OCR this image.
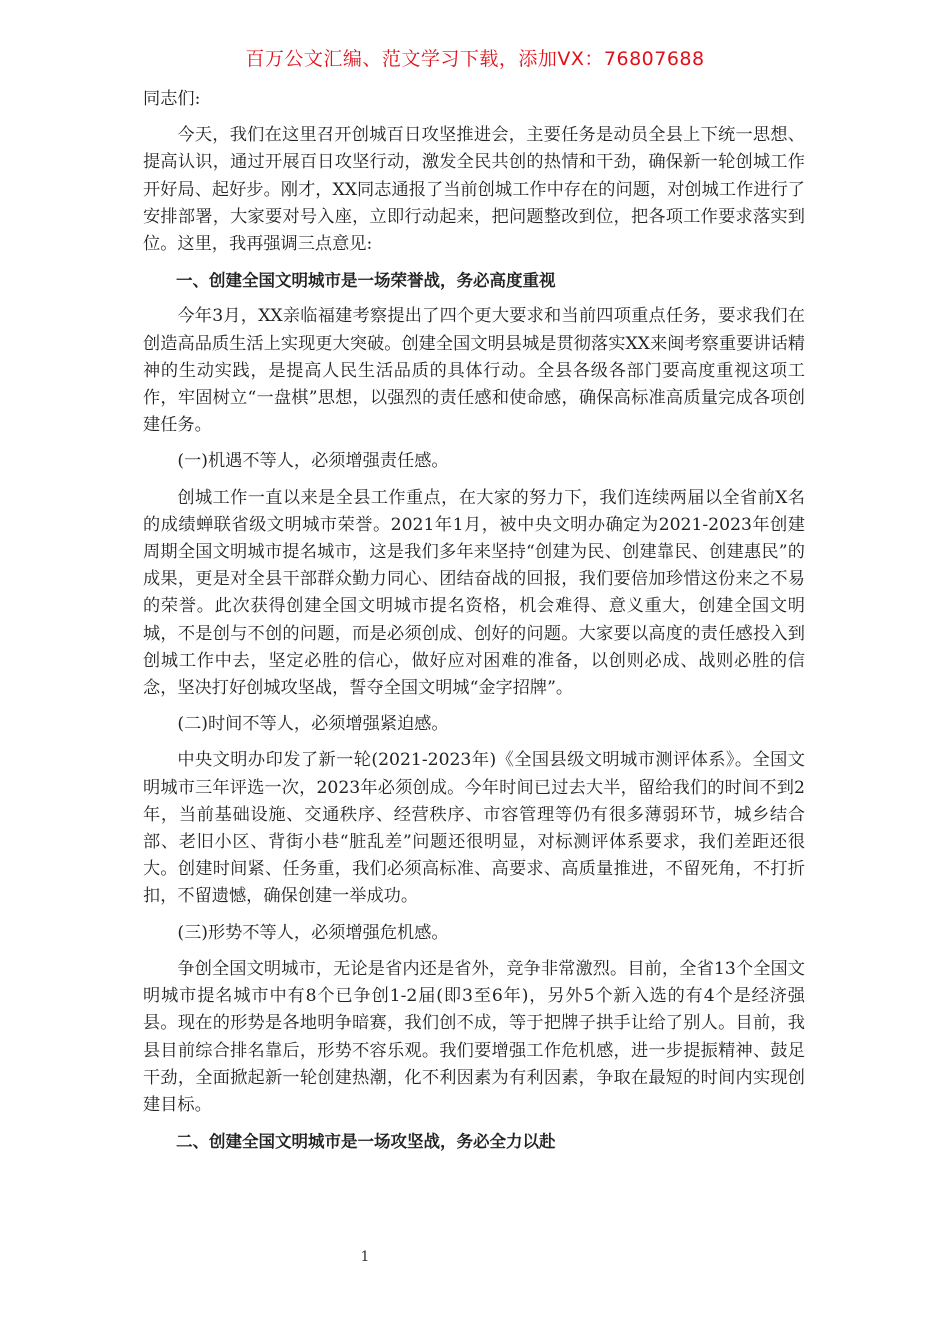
百万公文汇编、范文学习下载，添加VX：76807688

同志们:

今天，我们在这里召开创城百日攻坚推进会，主要任务是动员全县上下统一思想、提高认识，通过开展百日攻坚行动，激发全民共创的热情和干劲，确保新一轮创城工作开好局、起好步。刚才，XX同志通报了当前创城工作中存在的问题，对创城工作进行了安排部署，大家要对号入座，立即行动起来，把问题整改到位，把各项工作要求落实到位。这里，我再强调三点意见:

一、创建全国文明城市是一场荣誉战，务必高度重视

今年3月，XX亲临福建考察提出了四个更大要求和当前四项重点任务，要求我们在创造高品质生活上实现更大突破。创建全国文明县城是贯彻落实XX来闽考察重要讲话精神的生动实践，是提高人民生活品质的具体行动。全县各级各部门要高度重视这项工作，牢固树立“一盘棋”思想，以强烈的责任感和使命感，确保高标准高质量完成各项创建任务。

(一)机遇不等人，必须增强责任感。

创城工作一直以来是全县工作重点，在大家的努力下，我们连续两届以全省前X名的成绩蝉联省级文明城市荣誉。2021年1月，被中央文明办确定为2021-2023年创建周期全国文明城市提名城市，这是我们多年来坚持“创建为民、创建靠民、创建惠民”的成果，更是对全县干部群众勤力同心、团结奋战的回报，我们要倍加珍惜这份来之不易的荣誉。此次获得创建全国文明城市提名资格，机会难得、意义重大，创建全国文明城，不是创与不创的问题，而是必须创成、创好的问题。大家要以高度的责任感投入到创城工作中去，坚定必胜的信心，做好应对困难的准备，以创则必成、战则必胜的信念，坚决打好创城攻坚战，誓夺全国文明城“金字招牌”。

(二)时间不等人，必须增强紧迫感。

中央文明办印发了新一轮(2021-2023年)《全国县级文明城市测评体系》。全国文明城市三年评选一次，2023年必须创成。今年时间已过去大半，留给我们的时间不到2年，当前基础设施、交通秩序、经营秩序、市容管理等仍有很多薄弱环节，城乡结合部、老旧小区、背街小巷“脏乱差”问题还很明显，对标测评体系要求，我们差距还很大。创建时间紧、任务重，我们必须高标准、高要求、高质量推进，不留死角，不打折扣，不留遗憾，确保创建一举成功。

(三)形势不等人，必须增强危机感。

争创全国文明城市，无论是省内还是省外，竞争非常激烈。目前，全省13个全国文明城市提名城市中有8个已争创1-2届(即3至6年)，另外5个新入选的有4个是经济强县。现在的形势是各地明争暗赛，我们创不成，等于把牌子拱手让给了别人。目前，我县目前综合排名靠后，形势不容乐观。我们要增强工作危机感，进一步提振精神、鼓足干劲，全面掀起新一轮创建热潮，化不利因素为有利因素，争取在最短的时间内实现创建目标。

二、创建全国文明城市是一场攻坚战，务必全力以赴

1
